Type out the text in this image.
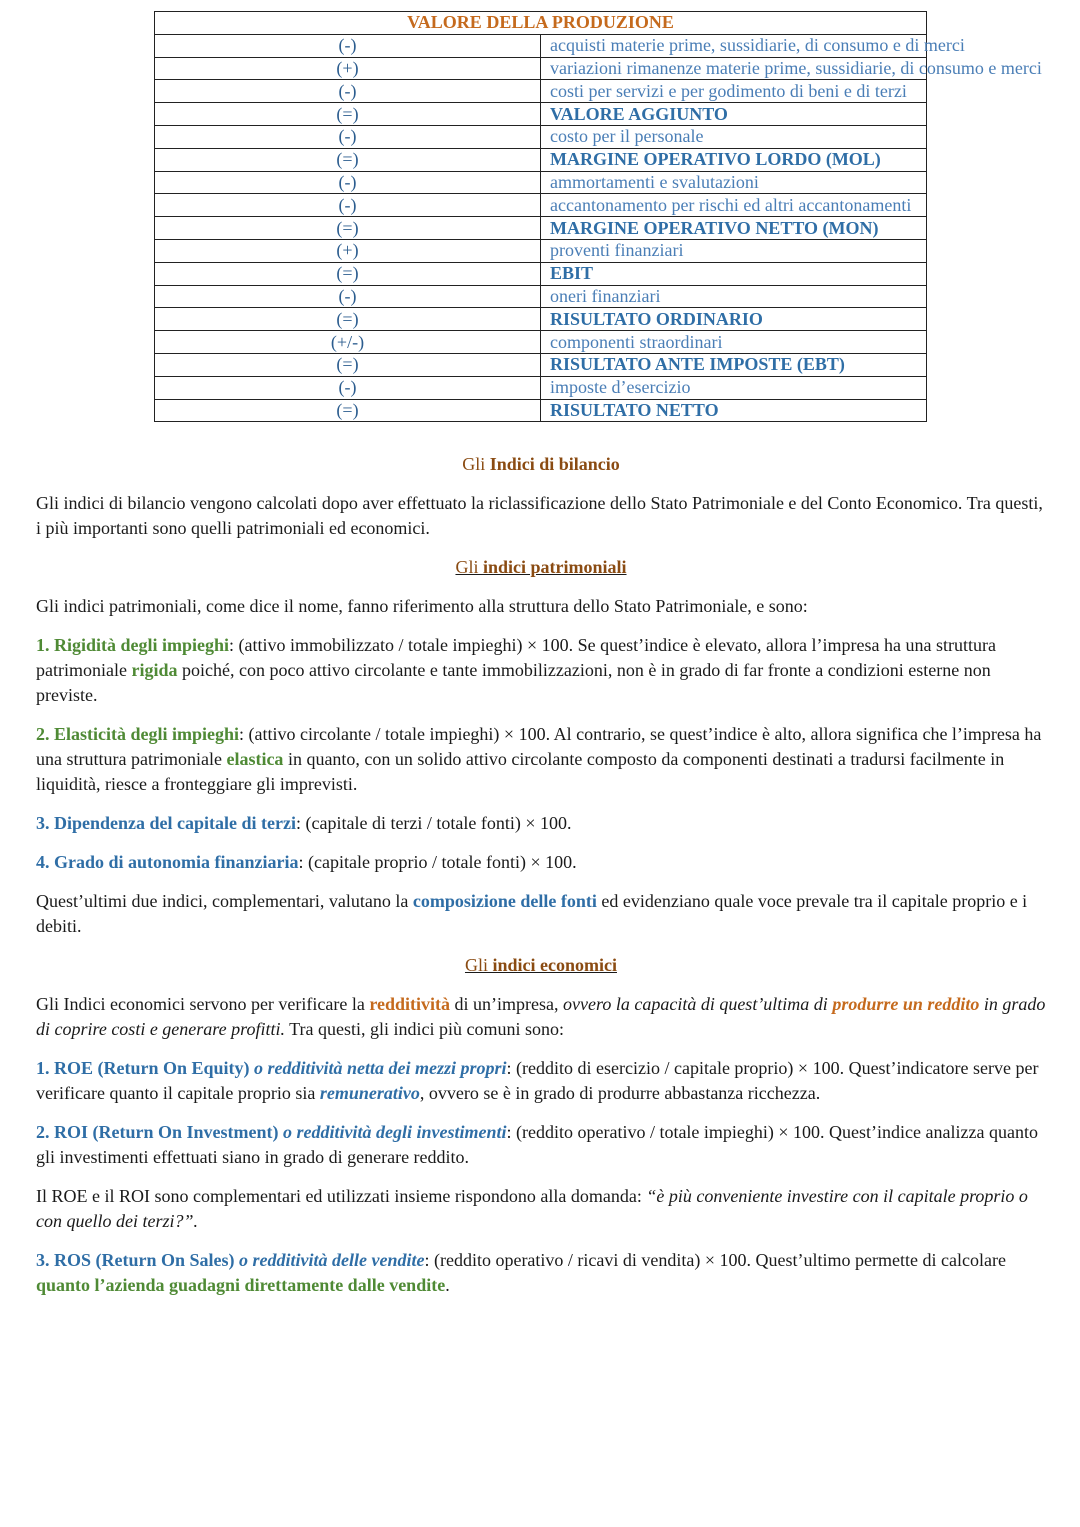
VALORE DELLA PRODUZIONE	
(-)	acquisti materie prime, sussidiarie, di consumo e di merci
(+)	variazioni rimanenze materie prime, sussidiarie, di consumo e merci
(-)	costi per servizi e per godimento di beni e di terzi
(=)	VALORE AGGIUNTO
(-)	costo per il personale
(=)	MARGINE OPERATIVO LORDO (MOL)
(-)	ammortamenti e svalutazioni
(-)	accantonamento per rischi ed altri accantonamenti
(=)	MARGINE OPERATIVO NETTO (MON)
(+)	proventi finanziari
(=)	EBIT
(-)	oneri finanziari
(=)	RISULTATO ORDINARIO
(+/-)	componenti straordinari
(=)	RISULTATO ANTE IMPOSTE (EBT)
(-)	imposte d’esercizio
(=)	RISULTATO NETTO

Gli Indici di bilancio

Gli indici di bilancio vengono calcolati dopo aver effettuato la riclassificazione dello Stato Patrimoniale e del Conto Economico. Tra questi, i più importanti sono quelli patrimoniali ed economici.

Gli indici patrimoniali

Gli indici patrimoniali, come dice il nome, fanno riferimento alla struttura dello Stato Patrimoniale, e sono:

1. Rigidità degli impieghi: (attivo immobilizzato / totale impieghi) × 100. Se quest’indice è elevato, allora l’impresa ha una struttura patrimoniale rigida poiché, con poco attivo circolante e tante immobilizzazioni, non è in grado di far fronte a condizioni esterne non previste.

2. Elasticità degli impieghi: (attivo circolante / totale impieghi) × 100. Al contrario, se quest’indice è alto, allora significa che l’impresa ha una struttura patrimoniale elastica in quanto, con un solido attivo circolante composto da componenti destinati a tradursi facilmente in liquidità, riesce a fronteggiare gli imprevisti.

3. Dipendenza del capitale di terzi: (capitale di terzi / totale fonti) × 100.

4. Grado di autonomia finanziaria: (capitale proprio / totale fonti) × 100.

Quest’ultimi due indici, complementari, valutano la composizione delle fonti ed evidenziano quale voce prevale tra il capitale proprio e i debiti.

Gli indici economici

Gli Indici economici servono per verificare la redditività di un’impresa, ovvero la capacità di quest’ultima di produrre un reddito in grado di coprire costi e generare profitti. Tra questi, gli indici più comuni sono:

1. ROE (Return On Equity) o redditività netta dei mezzi propri: (reddito di esercizio / capitale proprio) × 100. Quest’indicatore serve per verificare quanto il capitale proprio sia remunerativo, ovvero se è in grado di produrre abbastanza ricchezza.

2. ROI (Return On Investment) o redditività degli investimenti: (reddito operativo / totale impieghi) × 100. Quest’indice analizza quanto gli investimenti effettuati siano in grado di generare reddito.

Il ROE e il ROI sono complementari ed utilizzati insieme rispondono alla domanda: “è più conveniente investire con il capitale proprio o con quello dei terzi?”.

3. ROS (Return On Sales) o redditività delle vendite: (reddito operativo / ricavi di vendita) × 100. Quest’ultimo permette di calcolare quanto l’azienda guadagni direttamente dalle vendite.
